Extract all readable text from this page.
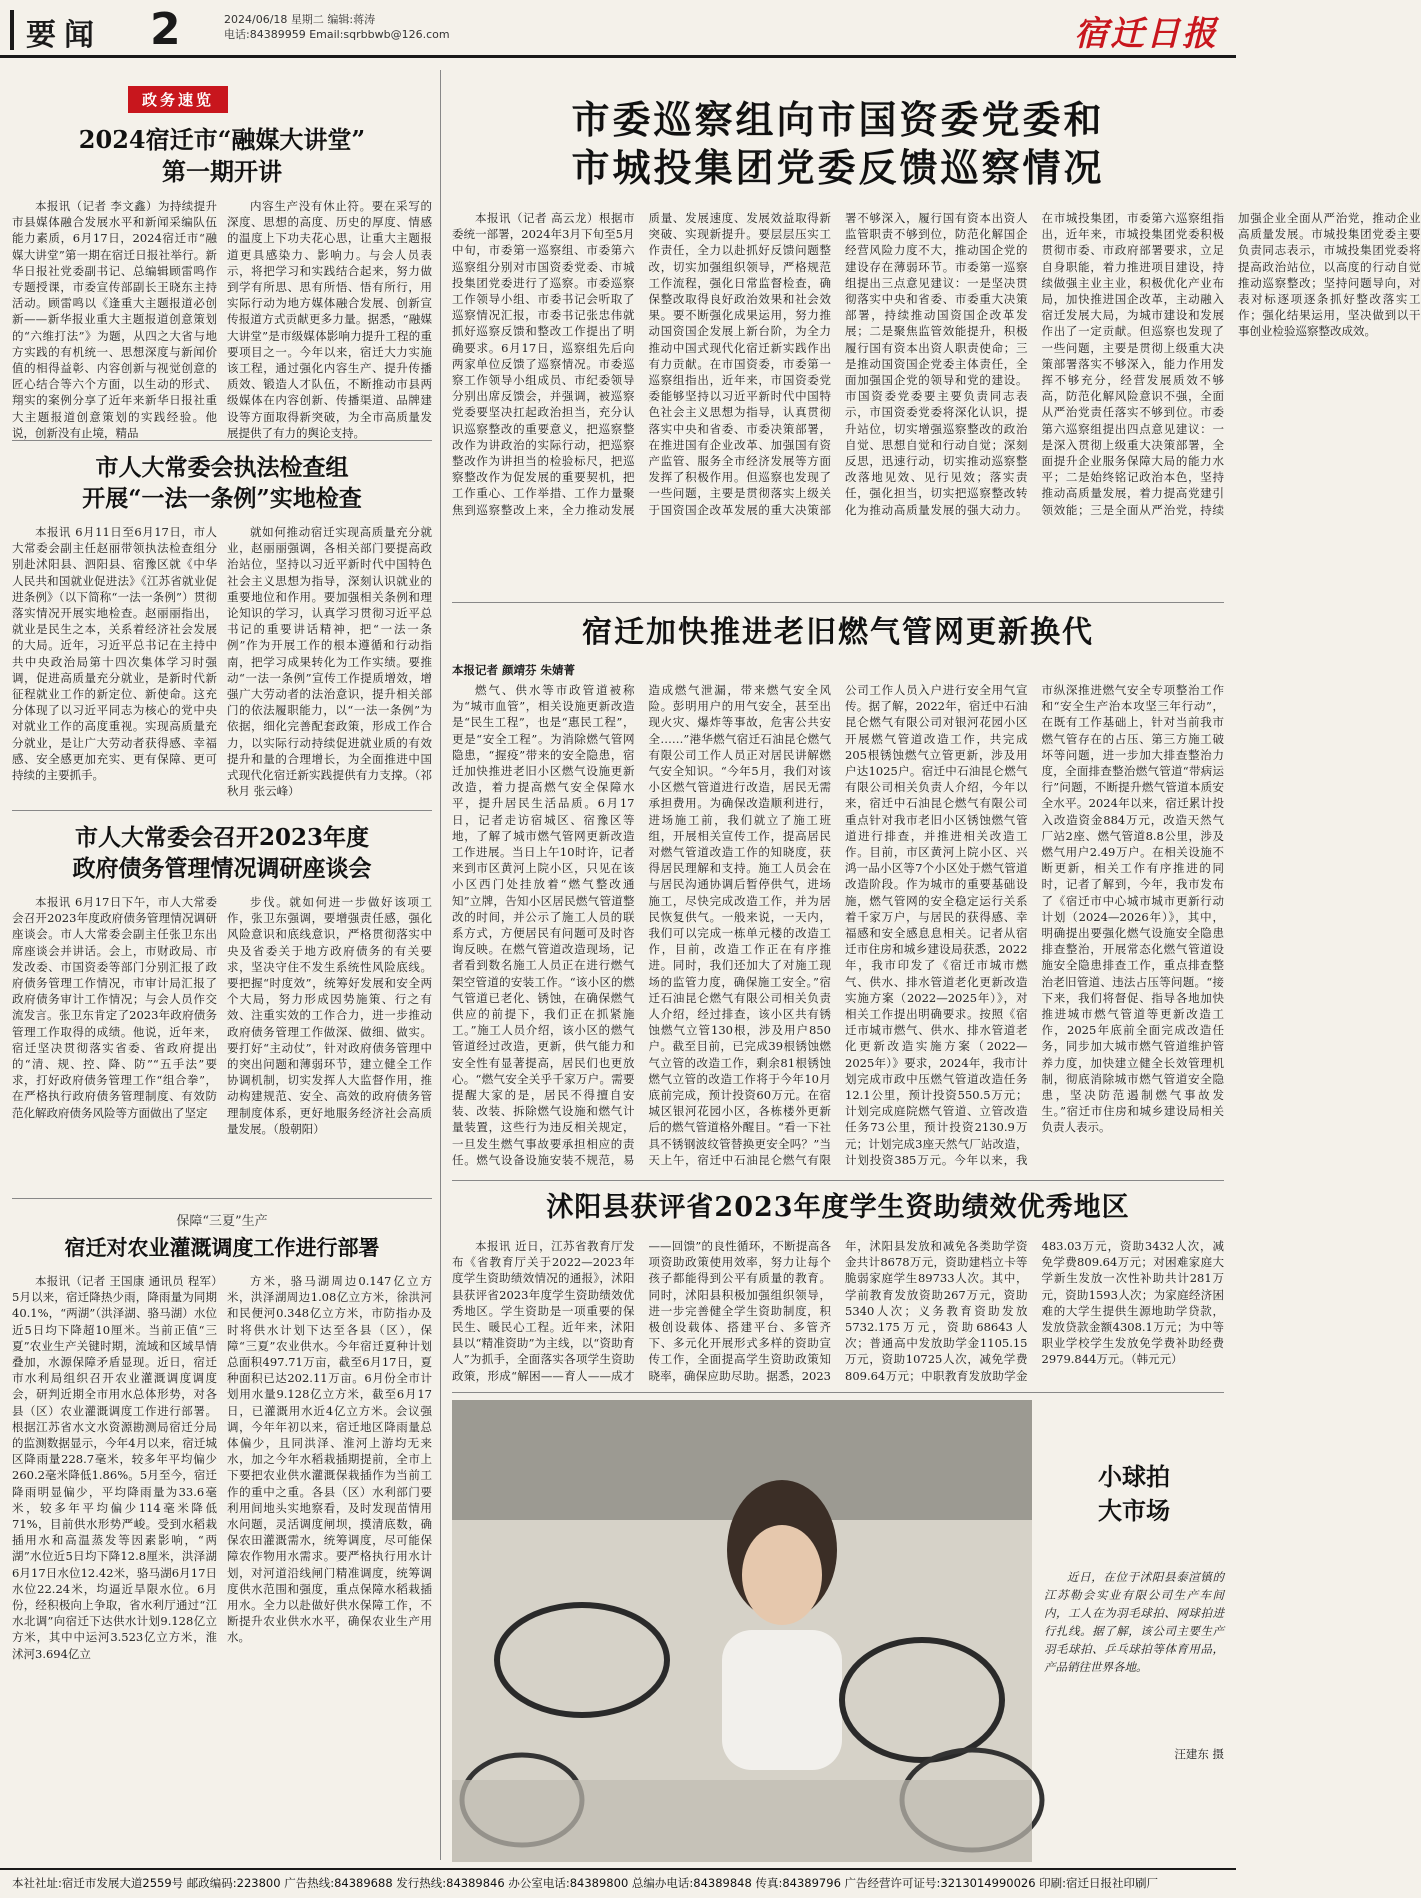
要闻 2	2024/06/18 星期二 编辑:蒋涛
电话:84389959 Email:sqrbbwb@126.com	宿迁日报
政务速览
2024宿迁市“融媒大讲堂”
第一期开讲
本报讯（记者 李文鑫）为持续提升市县媒体融合发展水平和新闻采编队伍能力素质，6月17日，2024宿迁市“融媒大讲堂”第一期在宿迁日报社举行。新华日报社党委副书记、总编辑顾雷鸣作专题授课，市委宣传部副长王晓东主持活动。顾雷鸣以《逢重大主题报道必创新——新华报业重大主题报道创意策划的“六维打法”》为题，从四之大省与地方实践的有机统一、思想深度与新闻价值的相得益彰、内容创新与视觉创意的匠心结合等六个方面，以生动的形式、翔实的案例分享了近年来新华日报社重大主题报道创意策划的实践经验。他说，创新没有止境，精品
内容生产没有休止符。要在采写的深度、思想的高度、历史的厚度、情感的温度上下功夫花心思，让重大主题报道更具感染力、影响力。与会人员表示，将把学习和实践结合起来，努力做到学有所思、思有所悟、悟有所行，用实际行动为地方媒体融合发展、创新宣传报道方式贡献更多力量。据悉，“融媒大讲堂”是市级媒体影响力提升工程的重要项目之一。今年以来，宿迁大力实施该工程，通过强化内容生产、提升传播质效、锻造人才队伍，不断推动市县两级媒体在内容创新、传播渠道、品牌建设等方面取得新突破，为全市高质量发展提供了有力的舆论支持。
市人大常委会执法检查组
开展“一法一条例”实地检查
本报讯 6月11日至6月17日，市人大常委会副主任赵丽带领执法检查组分别赴沭阳县、泗阳县、宿豫区就《中华人民共和国就业促进法》《江苏省就业促进条例》（以下简称“一法一条例”）贯彻落实情况开展实地检查。赵丽丽指出，就业是民生之本，关系着经济社会发展的大局。近年，习近平总书记在主持中共中央政治局第十四次集体学习时强调，促进高质量充分就业，是新时代新征程就业工作的新定位、新使命。这充分体现了以习近平同志为核心的党中央对就业工作的高度重视。实现高质量充分就业，是让广大劳动者获得感、幸福感、安全感更加充实、更有保障、更可持续的主要抓手。
就如何推动宿迁实现高质量充分就业，赵丽丽强调，各相关部门要提高政治站位，坚持以习近平新时代中国特色社会主义思想为指导，深刻认识就业的重要地位和作用。要加强相关条例和理论知识的学习，认真学习贯彻习近平总书记的重要讲话精神，把“一法一条例”作为开展工作的根本遵循和行动指南，把学习成果转化为工作实绩。要推动“一法一条例”宣传工作提质增效，增强广大劳动者的法治意识，提升相关部门的依法履职能力，以“一法一条例”为依据，细化完善配套政策，形成工作合力，以实际行动持续促进就业质的有效提升和量的合理增长，为全面推进中国式现代化宿迁新实践提供有力支撑。（祁秋月 张云峰）
市人大常委会召开2023年度
政府债务管理情况调研座谈会
本报讯 6月17日下午，市人大常委会召开2023年度政府债务管理情况调研座谈会。市人大常委会副主任张卫东出席座谈会并讲话。会上，市财政局、市发改委、市国资委等部门分别汇报了政府债务管理工作情况，市审计局汇报了政府债务审计工作情况；与会人员作交流发言。张卫东肯定了2023年政府债务管理工作取得的成绩。他说，近年来，宿迁坚决贯彻落实省委、省政府提出的“清、规、控、降、防”“五手法”要求，打好政府债务管理工作“组合拳”，在严格执行政府债务管理制度、有效防范化解政府债务风险等方面做出了坚定
步伐。就如何进一步做好该项工作，张卫东强调，要增强责任感，强化风险意识和底线意识，严格贯彻落实中央及省委关于地方政府债务的有关要求，坚决守住不发生系统性风险底线。要把握“时度效”，统筹好发展和安全两个大局，努力形成因势施策、行之有效、注重实效的工作合力，进一步推动政府债务管理工作做深、做细、做实。要打好“主动仗”，针对政府债务管理中的突出问题和薄弱环节，建立健全工作协调机制，切实发挥人大监督作用，推动构建规范、安全、高效的政府债务管理制度体系，更好地服务经济社会高质量发展。（殷朝阳）
保障“三夏”生产
宿迁对农业灌溉调度工作进行部署
本报讯（记者 王国康 通讯员 程军）5月以来，宿迁降热少雨，降雨量为同期40.1%，“两湖”（洪泽湖、骆马湖）水位近5日均下降超10厘米。当前正值“三夏”农业生产关键时期，流域和区域旱情叠加，水源保障矛盾显现。近日，宿迁市水利局组织召开农业灌溉调度调度会，研判近期全市用水总体形势，对各县（区）农业灌溉调度工作进行部署。根据江苏省水文水资源勘测局宿迁分局的监测数据显示，今年4月以来，宿迁城区降雨量228.7毫米，较多年平均偏少260.2毫米降低1.86%。5月至今，宿迁降雨明显偏少，平均降雨量为33.6毫米，较多年平均偏少114毫米降低71%，目前供水形势严峻。受到水稻栽插用水和高温蒸发等因素影响，“两湖”水位近5日均下降12.8厘米，洪泽湖6月17日水位12.42米，骆马湖6月17日水位22.24米，均逼近旱限水位。6月份，经积极向上争取，省水利厅通过“江水北调”向宿迁下达供水计划9.128亿立方米，其中中运河3.523亿立方米，淮沭河3.694亿立
方米，骆马湖周边0.147亿立方米，洪泽湖周边1.08亿立方米，徐洪河和民便河0.348亿立方米，市防指办及时将供水计划下达至各县（区），保障“三夏”农业供水。今年宿迁夏种计划总面积497.71万亩，截至6月17日，夏种面积已达202.11万亩。6月份全市计划用水量9.128亿立方米，截至6月17日，已灌溉用水近4亿立方米。会议强调，今年年初以来，宿迁地区降雨量总体偏少，且同洪泽、淮河上游均无来水，加之今年水稻栽插期提前，全市上下要把农业供水灌溉保栽插作为当前工作的重中之重。各县（区）水利部门要利用间地头实地察看，及时发现苗情用水问题，灵活调度闸坝，摸清底数，确保农田灌溉需水，统筹调度，尽可能保障农作物用水需求。要严格执行用水计划，对河道沿线闸门精准调度，统筹调度供水范围和强度，重点保障水稻栽插用水。全力以赴做好供水保障工作，不断提升农业供水水平，确保农业生产用水。
市委巡察组向市国资委党委和
市城投集团党委反馈巡察情况
本报讯（记者 高云龙）根据市委统一部署，2024年3月下旬至5月中旬，市委第一巡察组、市委第六巡察组分别对市国资委党委、市城投集团党委进行了巡察。市委巡察工作领导小组、市委书记会听取了巡察情况汇报，市委书记张忠伟就抓好巡察反馈和整改工作提出了明确要求。6月17日，巡察组先后向两家单位反馈了巡察情况。市委巡察工作领导小组成员、市纪委领导分别出席反馈会，并强调，被巡察党委要坚决扛起政治担当，充分认识巡察整改的重要意义，把巡察整改作为讲政治的实际行动，把巡察整改作为讲担当的检验标尺，把巡察整改作为促发展的重要契机，把工作重心、工作举措、工作力量聚焦到巡察整改上来，全力推动发展质量、发展速度、发展效益取得新突破、实现新提升。要层层压实工作责任，全力以赴抓好反馈问题整改，切实加强组织领导，严格规范工作流程，强化日常监督检查，确保整改取得良好政治效果和社会效果。要不断强化成果运用，努力推动国资国企发展上新台阶，为全力推动中国式现代化宿迁新实践作出有力贡献。在市国资委，市委第一巡察组指出，近年来，市国资委党委能够坚持以习近平新时代中国特色社会主义思想为指导，认真贯彻落实中央和省委、市委决策部署，在推进国有企业改革、加强国有资产监管、服务全市经济发展等方面发挥了积极作用。但巡察也发现了一些问题，主要是贯彻落实上级关于国资国企改革发展的重大决策部署不够深入，履行国有资本出资人监管职责不够到位，防范化解国企经营风险力度不大，推动国企党的建设存在薄弱环节。市委第一巡察组提出三点意见建议：一是坚决贯彻落实中央和省委、市委重大决策部署，持续推动国资国企改革发展；二是聚焦监管效能提升，积极履行国有资本出资人职责使命；三是推动国资国企党委主体责任，全面加强国企党的领导和党的建设。市国资委党委要主要负责同志表示，市国资委党委将深化认识，提升站位，切实增强巡察整改的政治自觉、思想自觉和行动自觉；深刻反思，迅速行动，切实推动巡察整改落地见效、见行见效；落实责任，强化担当，切实把巡察整改转化为推动高质量发展的强大动力。在市城投集团，市委第六巡察组指出，近年来，市城投集团党委积极贯彻市委、市政府部署要求，立足自身职能，着力推进项目建设，持续做强主业主业，积极优化产业布局，加快推进国企改革，主动融入宿迁发展大局，为城市建设和发展作出了一定贡献。但巡察也发现了一些问题，主要是贯彻上级重大决策部署落实不够深入，能力作用发挥不够充分，经营发展质效不够高，防范化解风险意识不强，全面从严治党责任落实不够到位。市委第六巡察组提出四点意见建议：一是深入贯彻上级重大决策部署，全面提升企业服务保障大局的能力水平；二是始终铭记政治本色，坚持推动高质量发展，着力提高党建引领效能；三是全面从严治党，持续加强企业全面从严治党，推动企业高质量发展。市城投集团党委主要负责同志表示，市城投集团党委将提高政治站位，以高度的行动自觉推动巡察整改；坚持问题导向，对表对标逐项逐条抓好整改落实工作；强化结果运用，坚决做到以干事创业检验巡察整改成效。
宿迁加快推进老旧燃气管网更新换代
本报记者 颜靖芬 朱婧菁
燃气、供水等市政管道被称为“城市血管”，相关设施更新改造是“民生工程”，也是“惠民工程”，更是“安全工程”。为消除燃气管网隐患，“握疫”带来的安全隐患，宿迁加快推进老旧小区燃气设施更新改造，着力提高燃气安全保障水平，提升居民生活品质。6月17日，记者走访宿城区、宿豫区等地，了解了城市燃气管网更新改造工作进展。当日上午10时许，记者来到市区黄河上院小区，只见在该小区西门处挂放着“燃气整改通知”立牌，告知小区居民燃气管道整改的时间，并公示了施工人员的联系方式，方便居民有问题可及时咨询反映。在燃气管道改造现场，记者看到数名施工人员正在进行燃气架空管道的安装工作。“该小区的燃气管道已老化、锈蚀，在确保燃气供应的前提下，我们正在抓紧施工。”施工人员介绍，该小区的燃气管道经过改造，更新，供气能力和安全性有显著提高，居民们也更放心。“燃气安全关乎千家万户。需要提醒大家的是，居民不得擅自安装、改装、拆除燃气设施和燃气计量装置，这些行为违反相关规定，一旦发生燃气事故要承担相应的责任。燃气设备设施安装不规范，易造成燃气泄漏，带来燃气安全风险。彭明用户的用气安全，甚至出现火灾、爆炸等事故，危害公共安全……”港华燃气宿迁石油昆仑燃气有限公司工作人员正对居民讲解燃气安全知识。“今年5月，我们对该小区燃气管道进行改造，居民无需承担费用。为确保改造顺利进行，进场施工前，我们就立了施工班组，开展相关宣传工作，提高居民对燃气管道改造工作的知晓度，获得居民理解和支持。施工人员会在与居民沟通协调后暂停供气，进场施工，尽快完成改造工作，并为居民恢复供气。一般来说，一天内，我们可以完成一栋单元楼的改造工作，目前，改造工作正在有序推进。同时，我们还加大了对施工现场的监管力度，确保施工安全。”宿迁石油昆仑燃气有限公司相关负责人介绍，经过排查，该小区共有锈蚀燃气立管130根，涉及用户850户。截至目前，已完成39根锈蚀燃气立管的改造工作，剩余81根锈蚀燃气立管的改造工作将于今年10月底前完成，预计投资60万元。在宿城区银河花园小区，各栋楼外更新后的燃气管道格外醒目。“看一下社具不锈钢波纹管替换更安全吗？”当天上午，宿迁中石油昆仑燃气有限公司工作人员入户进行安全用气宣传。据了解，2022年，宿迁中石油昆仑燃气有限公司对银河花园小区开展燃气管道改造工作，共完成205根锈蚀燃气立管更新，涉及用户达1025户。宿迁中石油昆仑燃气有限公司相关负责人介绍，今年以来，宿迁中石油昆仑燃气有限公司重点针对我市老旧小区锈蚀燃气管道进行排查，并推进相关改造工作。目前，市区黄河上院小区、兴鸿一品小区等7个小区处于燃气管道改造阶段。作为城市的重要基础设施，燃气管网的安全稳定运行关系着千家万户，与居民的获得感、幸福感和安全感息息相关。记者从宿迁市住房和城乡建设局获悉，2022年，我市印发了《宿迁市城市燃气、供水、排水管道老化更新改造实施方案（2022—2025年）》，对相关工作提出明确要求。按照《宿迁市城市燃气、供水、排水管道老化更新改造实施方案（2022—2025年）》要求，2024年，我市计划完成市政中压燃气管道改造任务12.1公里，预计投资550.5万元；计划完成庭院燃气管道、立管改造任务73公里，预计投资2130.9万元；计划完成3座天然气厂站改造，计划投资385万元。今年以来，我市纵深推进燃气安全专项整治工作和“安全生产治本攻坚三年行动”，在既有工作基础上，针对当前我市燃气管存在的占压、第三方施工破坏等问题，进一步加大排查整治力度，全面排查整治燃气管道“带病运行”问题，不断提升燃气管道本质安全水平。2024年以来，宿迁累计投入改造资金884万元，改造天然气厂站2座、燃气管道8.8公里，涉及燃气用户2.49万户。在相关设施不断更新，相关工作有序推进的同时，记者了解到，今年，我市发布了《宿迁市中心城市城市更新行动计划（2024—2026年）》，其中，明确提出要强化燃气设施安全隐患排查整治，开展常态化燃气管道设施安全隐患排查工作，重点排查整治老旧管道、违法占压等问题。“接下来，我们将督促、指导各地加快推进城市燃气管道等更新改造工作，2025年底前全面完成改造任务，同步加大城市燃气管道维护管养力度，加快建立健全长效管理机制，彻底消除城市燃气管道安全隐患，坚决防范遏制燃气事故发生。”宿迁市住房和城乡建设局相关负责人表示。
沭阳县获评省2023年度学生资助绩效优秀地区
本报讯 近日，江苏省教育厅发布《省教育厅关于2022—2023年度学生资助绩效情况的通报》，沭阳县获评省2023年度学生资助绩效优秀地区。学生资助是一项重要的保民生、暖民心工程。近年来，沭阳县以“精准资助”为主线，以“资助育人”为抓手，全面落实各项学生资助政策，形成“解困——育人——成才——回馈”的良性循环，不断提高各项资助政策使用效率，努力让每个孩子都能得到公平有质量的教育。同时，沭阳县积极加强组织领导，进一步完善健全学生资助制度，积极创设载体、搭建平台、多管齐下、多元化开展形式多样的资助宣传工作，全面提高学生资助政策知晓率，确保应助尽助。据悉，2023年，沭阳县发放和减免各类助学资金共计8678万元，资助建档立卡等脆弱家庭学生89733人次。其中，学前教育发放资助267万元，资助5340人次；义务教育资助发放5732.175万元，资助68643人次；普通高中发放助学金1105.15万元，资助10725人次，减免学费809.64万元；中职教育发放助学金483.03万元，资助3432人次，减免学费809.64万元；对困难家庭大学新生发放一次性补助共计281万元，资助1593人次；为家庭经济困难的大学生提供生源地助学贷款，发放贷款金额4308.1万元；为中等职业学校学生发放免学费补助经费2979.844万元。（韩元元）
小球拍
大市场
近日，在位于沭阳县泰渲镇的江苏勒会实业有限公司生产车间内，工人在为羽毛球拍、网球拍进行扎线。据了解，该公司主要生产羽毛球拍、乒乓球拍等体育用品，产品销往世界各地。
汪建东 摄
本社社址:宿迁市发展大道2559号 邮政编码:223800 广告热线:84389688 发行热线:84389846 办公室电话:84389800 总编办电话:84389848 传真:84389796 广告经营许可证号:3213014990026 印刷:宿迁日报社印刷厂
